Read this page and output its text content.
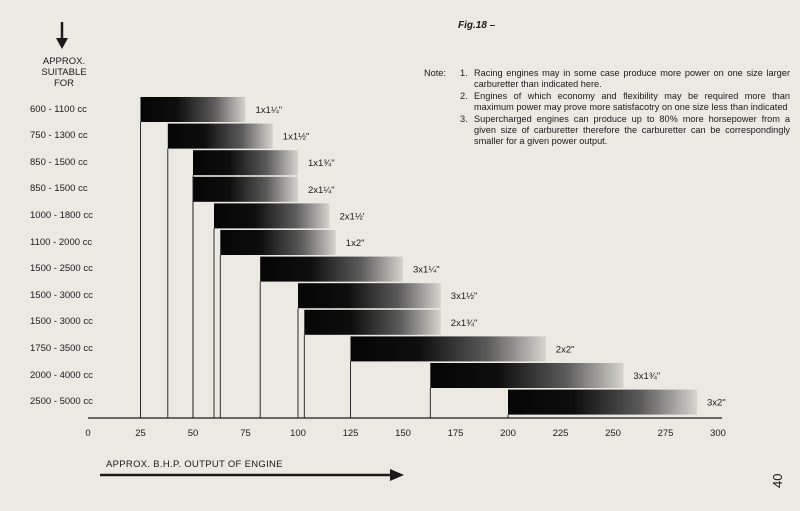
1x1¼"
1x1½"
1x1¾"
2x1¼"
2x1½'
1x2"
3x1¼"
3x1½"
2x1¾"
2x2"
3x1¾"
3x2"
0	25	50	75	100	125	150	175	200	225	250	275	300
Fig.18 –
Note: 1. Racing engines may in some case produce more power on one size larger carburetter than indicated here.
2. Engines of which economy and flexibility may be required more than maximum power may prove more satisfacotry on one size less than indicated
3. Supercharged engines can produce up to 80% more horsepower from a given size of carburetter therefore the carburetter can be correspondingly smaller for a given power output.
APPROX. SUITABLE FOR
APPROX. B.H.P. OUTPUT OF ENGINE
40
600 - 1100 cc
750 - 1300 cc
850 - 1500 cc
850 - 1500 cc
1000 - 1800 cc
1100 - 2000 cc
1500 - 2500 cc
1500 - 3000 cc
1500 - 3000 cc
1750 - 3500 cc
2000 - 4000 cc
2500 - 5000 cc
